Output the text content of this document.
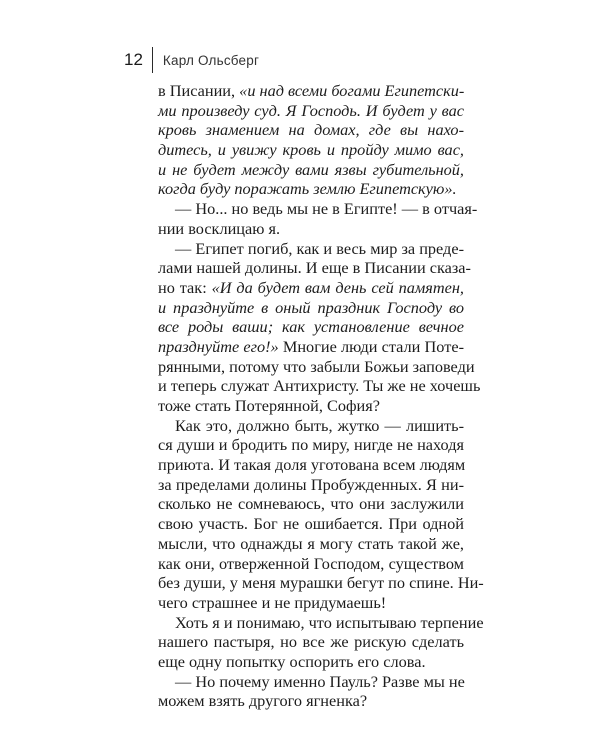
12	Карл Ольсберг
в Писании, «и над всеми богами Египетски-
ми произведу суд. Я Господь. И будет у вас
кровь знамением на домах, где вы нахо-
дитесь, и увижу кровь и пройду мимо вас,
и не будет между вами язвы губительной,
когда буду поражать землю Египетскую».
— Но... но ведь мы не в Египте! — в отчая-
нии восклицаю я.
— Египет погиб, как и весь мир за преде-
лами нашей долины. И еще в Писании сказа-
но так: «И да будет вам день сей памятен,
и празднуйте в оный праздник Господу во
все роды ваши; как установление вечное
празднуйте его!» Многие люди стали Поте-
рянными, потому что забыли Божьи заповеди
и теперь служат Антихристу. Ты же не хочешь
тоже стать Потерянной, София?
Как это, должно быть, жутко — лишить-
ся души и бродить по миру, нигде не находя
приюта. И такая доля уготована всем людям
за пределами долины Пробужденных. Я ни-
сколько не сомневаюсь, что они заслужили
свою участь. Бог не ошибается. При одной
мысли, что однажды я могу стать такой же,
как они, отверженной Господом, существом
без души, у меня мурашки бегут по спине. Ни-
чего страшнее и не придумаешь!
Хоть я и понимаю, что испытываю терпение
нашего пастыря, но все же рискую сделать
еще одну попытку оспорить его слова.
— Но почему именно Пауль? Разве мы не
можем взять другого ягненка?
